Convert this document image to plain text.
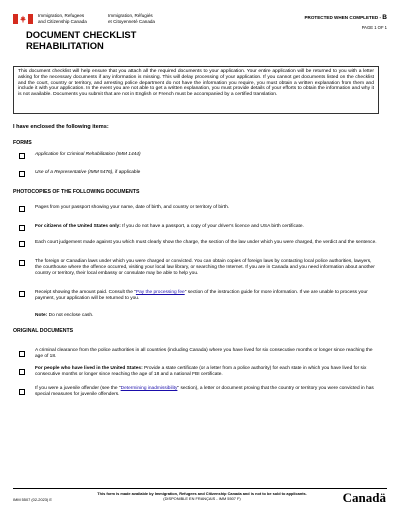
Immigration, Refugees
and Citizenship Canada
Immigration, Réfugiés
et Citoyenneté Canada
PROTECTED WHEN COMPLETED - B
PAGE 1 OF 1
DOCUMENT CHECKLIST
REHABILITATION
This document checklist will help ensure that you attach all the required documents to your application. Your entire application will be returned to you with a letter asking for the necessary documents if any information is missing. This will delay processing of your application. If you cannot get documents listed on the checklist and the court, country or territory, and arresting police department do not have the information you require, you must obtain a written explanation from them and include it with your application. In the event you are not able to get a written explanation, you must provide details of your efforts to obtain the information and why it is not available. Documents you submit that are not in English or French must be accompanied by a certified translation.
I have enclosed the following items:
FORMS
Application for Criminal Rehabilitation (IMM 1444)
Use of a Representative (IMM 5476), if applicable
PHOTOCOPIES OF THE FOLLOWING DOCUMENTS
Pages from your passport showing your name, date of birth, and country or territory of birth.
For citizens of the United States only: If you do not have a passport, a copy of your driver's licence and USA birth certificate.
Each court judgement made against you which must clearly show the charge, the section of the law under which you were charged, the verdict and the sentence.
The foreign or Canadian laws under which you were charged or convicted. You can obtain copies of foreign laws by contacting local police authorities, lawyers, the courthouse where the offence occurred, visiting your local law library, or searching the Internet. If you are in Canada and you need information about another country or territory, their local embassy or consulate may be able to help you.
Receipt showing the amount paid. Consult the "Pay the processing fee" section of the instruction guide for more information. If we are unable to process your payment, your application will be returned to you.
Note: Do not enclose cash.
ORIGINAL DOCUMENTS
A criminal clearance from the police authorities in all countries (including Canada) where you have lived for six consecutive months or longer since reaching the age of 18.
For people who have lived in the United States: Provide a state certificate (or a letter from a police authority) for each state in which you have lived for six consecutive months or longer since reaching the age of 18 and a national FBI certificate.
If you were a juvenile offender (see the "Determining inadmissibility" section), a letter or document proving that the country or territory you were convicted in has special measures for juvenile offenders.
IMM 5507 (02-2023) E
This form is made available by Immigration, Refugees and Citizenship Canada and is not to be sold to applicants.
(DISPONIBLE EN FRANÇAIS - IMM 5507 F)	Canadä
